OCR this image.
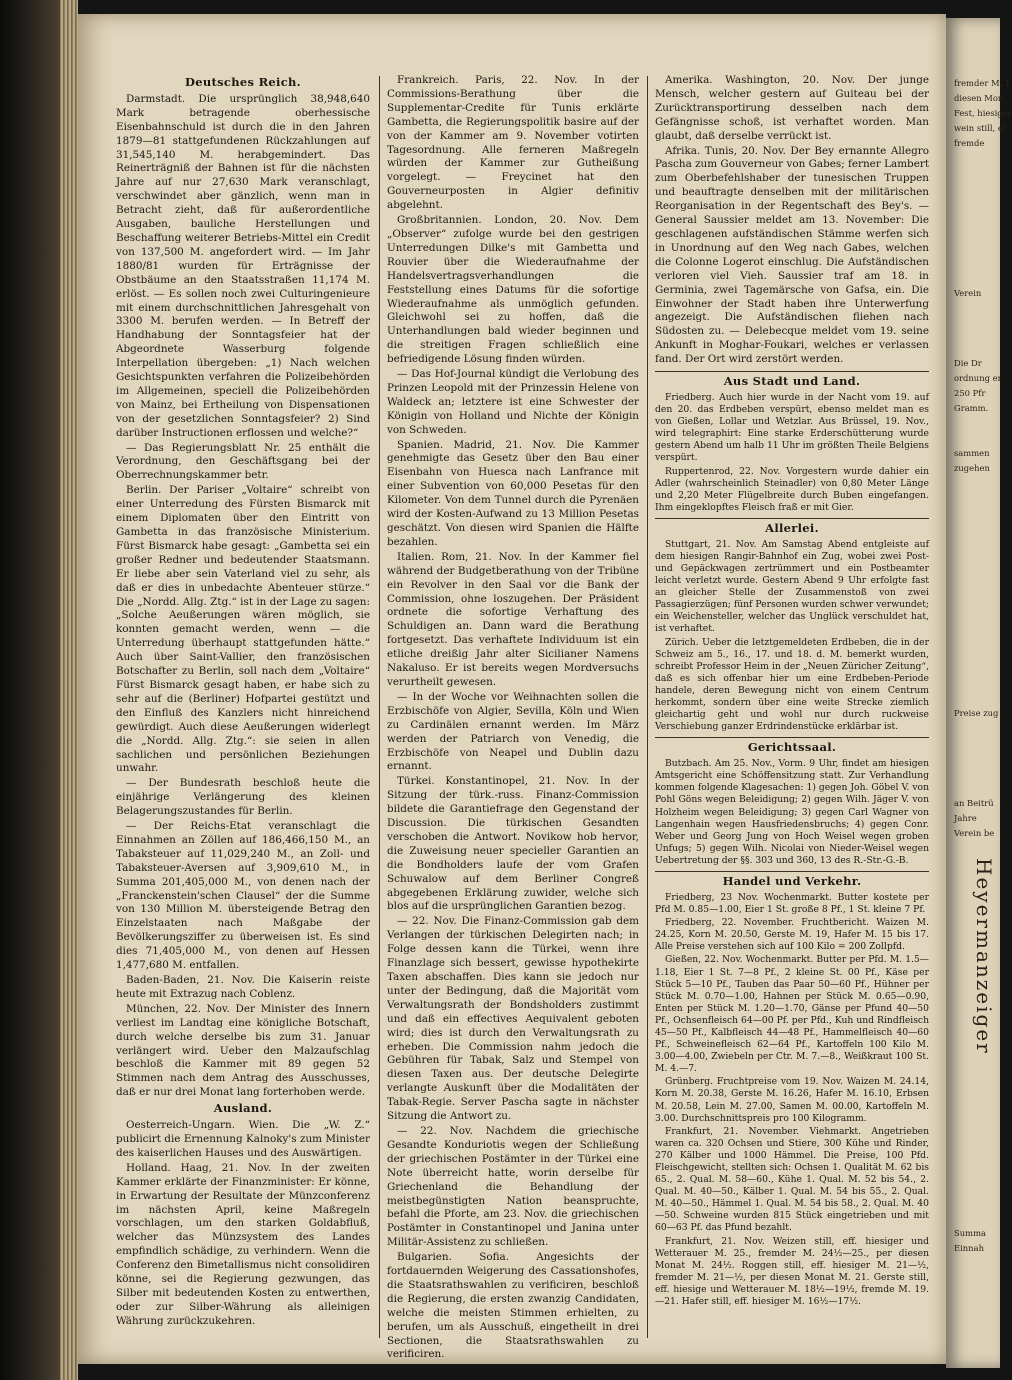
Deutsches Reich.

Darmstadt. Die ursprünglich 38,948,640 Mark betragende oberhessische Eisenbahnschuld ist durch die in den Jahren 1879—81 stattgefundenen Rückzahlungen auf 31,545,140 M. herabgemindert. Das Reinerträgniß der Bahnen ist für die nächsten Jahre auf nur 27,630 Mark veranschlagt, verschwindet aber gänzlich, wenn man in Betracht zieht, daß für außerordentliche Ausgaben, bauliche Herstellungen und Beschaffung weiterer Betriebs-Mittel ein Credit von 137,500 M. angefordert wird. — Im Jahr 1880/81 wurden für Erträgnisse der Obstbäume an den Staatsstraßen 11,174 M. erlöst. — Es sollen noch zwei Culturingenieure mit einem durchschnittlichen Jahresgehalt von 3300 M. berufen werden. — In Betreff der Handhabung der Sonntagsfeier hat der Abgeordnete Wasserburg folgende Interpellation übergeben: „1) Nach welchen Gesichtspunkten verfahren die Polizeibehörden im Allgemeinen, speciell die Polizeibehörden von Mainz, bei Ertheilung von Dispensationen von der gesetzlichen Sonntagsfeier? 2) Sind darüber Instructionen erflossen und welche?“

— Das Regierungsblatt Nr. 25 enthält die Verordnung, den Geschäftsgang bei der Oberrechnungskammer betr.

Berlin. Der Pariser „Voltaire“ schreibt von einer Unterredung des Fürsten Bismarck mit einem Diplomaten über den Eintritt von Gambetta in das französische Ministerium. Fürst Bismarck habe gesagt: „Gambetta sei ein großer Redner und bedeutender Staatsmann. Er liebe aber sein Vaterland viel zu sehr, als daß er dies in unbedachte Abenteuer stürze.“ Die „Nordd. Allg. Ztg.“ ist in der Lage zu sagen: „Solche Aeußerungen wären möglich, sie konnten gemacht werden, wenn — die Unterredung überhaupt stattgefunden hätte.“ Auch über Saint-Vallier, den französischen Botschafter zu Berlin, soll nach dem „Voltaire“ Fürst Bismarck gesagt haben, er habe sich zu sehr auf die (Berliner) Hofpartei gestützt und den Einfluß des Kanzlers nicht hinreichend gewürdigt. Auch diese Aeußerungen widerlegt die „Nordd. Allg. Ztg.“: sie seien in allen sachlichen und persönlichen Beziehungen unwahr.

— Der Bundesrath beschloß heute die einjährige Verlängerung des kleinen Belagerungszustandes für Berlin.

— Der Reichs-Etat veranschlagt die Einnahmen an Zöllen auf 186,466,150 M., an Tabaksteuer auf 11,029,240 M., an Zoll- und Tabaksteuer-Aversen auf 3,909,610 M., in Summa 201,405,000 M., von denen nach der „Franckenstein'schen Clausel“ der die Summe von 130 Million M. übersteigende Betrag den Einzelstaaten nach Maßgabe der Bevölkerungsziffer zu überweisen ist. Es sind dies 71,405,000 M., von denen auf Hessen 1,477,680 M. entfallen.

Baden-Baden, 21. Nov. Die Kaiserin reiste heute mit Extrazug nach Coblenz.

München, 22. Nov. Der Minister des Innern verliest im Landtag eine königliche Botschaft, durch welche derselbe bis zum 31. Januar verlängert wird. Ueber den Malzaufschlag beschloß die Kammer mit 89 gegen 52 Stimmen nach dem Antrag des Ausschusses, daß er nur drei Monat lang forterhoben werde.

Ausland.

Oesterreich-Ungarn. Wien. Die „W. Z.“ publicirt die Ernennung Kalnoky's zum Minister des kaiserlichen Hauses und des Auswärtigen.

Holland. Haag, 21. Nov. In der zweiten Kammer erklärte der Finanzminister: Er könne, in Erwartung der Resultate der Münzconferenz im nächsten April, keine Maßregeln vorschlagen, um den starken Goldabfluß, welcher das Münzsystem des Landes empfindlich schädige, zu verhindern. Wenn die Conferenz den Bimetallismus nicht consolidiren könne, sei die Regierung gezwungen, das Silber mit bedeutenden Kosten zu entwerthen, oder zur Silber-Währung als alleinigen Währung zurückzukehren.

Frankreich. Paris, 22. Nov. In der Commissions-Berathung über die Supplementar-Credite für Tunis erklärte Gambetta, die Regierungspolitik basire auf der von der Kammer am 9. November votirten Tagesordnung. Alle ferneren Maßregeln würden der Kammer zur Gutheißung vorgelegt. — Freycinet hat den Gouverneurposten in Algier definitiv abgelehnt.

Großbritannien. London, 20. Nov. Dem „Observer“ zufolge wurde bei den gestrigen Unterredungen Dilke's mit Gambetta und Rouvier über die Wiederaufnahme der Handelsvertragsverhandlungen die Feststellung eines Datums für die sofortige Wiederaufnahme als unmöglich gefunden. Gleichwohl sei zu hoffen, daß die Unterhandlungen bald wieder beginnen und die streitigen Fragen schließlich eine befriedigende Lösung finden würden.

— Das Hof-Journal kündigt die Verlobung des Prinzen Leopold mit der Prinzessin Helene von Waldeck an; letztere ist eine Schwester der Königin von Holland und Nichte der Königin von Schweden.

Spanien. Madrid, 21. Nov. Die Kammer genehmigte das Gesetz über den Bau einer Eisenbahn von Huesca nach Lanfrance mit einer Subvention von 60,000 Pesetas für den Kilometer. Von dem Tunnel durch die Pyrenäen wird der Kosten-Aufwand zu 13 Million Pesetas geschätzt. Von diesen wird Spanien die Hälfte bezahlen.

Italien. Rom, 21. Nov. In der Kammer fiel während der Budgetberathung von der Tribüne ein Revolver in den Saal vor die Bank der Commission, ohne loszugehen. Der Präsident ordnete die sofortige Verhaftung des Schuldigen an. Dann ward die Berathung fortgesetzt. Das verhaftete Individuum ist ein etliche dreißig Jahr alter Sicilianer Namens Nakaluso. Er ist bereits wegen Mordversuchs verurtheilt gewesen.

— In der Woche vor Weihnachten sollen die Erzbischöfe von Algier, Sevilla, Köln und Wien zu Cardinälen ernannt werden. Im März werden der Patriarch von Venedig, die Erzbischöfe von Neapel und Dublin dazu ernannt.

Türkei. Konstantinopel, 21. Nov. In der Sitzung der türk.-russ. Finanz-Commission bildete die Garantiefrage den Gegenstand der Discussion. Die türkischen Gesandten verschoben die Antwort. Novikow hob hervor, die Zuweisung neuer specieller Garantien an die Bondholders laufe der vom Grafen Schuwalow auf dem Berliner Congreß abgegebenen Erklärung zuwider, welche sich blos auf die ursprünglichen Garantien bezog.

— 22. Nov. Die Finanz-Commission gab dem Verlangen der türkischen Delegirten nach; in Folge dessen kann die Türkei, wenn ihre Finanzlage sich bessert, gewisse hypothekirte Taxen abschaffen. Dies kann sie jedoch nur unter der Bedingung, daß die Majorität vom Verwaltungsrath der Bondsholders zustimmt und daß ein effectives Aequivalent geboten wird; dies ist durch den Verwaltungsrath zu erheben. Die Commission nahm jedoch die Gebühren für Tabak, Salz und Stempel von diesen Taxen aus. Der deutsche Delegirte verlangte Auskunft über die Modalitäten der Tabak-Regie. Server Pascha sagte in nächster Sitzung die Antwort zu.

— 22. Nov. Nachdem die griechische Gesandte Konduriotis wegen der Schließung der griechischen Postämter in der Türkei eine Note überreicht hatte, worin derselbe für Griechenland die Behandlung der meistbegünstigten Nation beanspruchte, befahl die Pforte, am 23. Nov. die griechischen Postämter in Constantinopel und Janina unter Militär-Assistenz zu schließen.

Bulgarien. Sofia. Angesichts der fortdauernden Weigerung des Cassationshofes, die Staatsrathswahlen zu verificiren, beschloß die Regierung, die ersten zwanzig Candidaten, welche die meisten Stimmen erhielten, zu berufen, um als Ausschuß, eingetheilt in drei Sectionen, die Staatsrathswahlen zu verificiren.

Amerika. Washington, 20. Nov. Der junge Mensch, welcher gestern auf Guiteau bei der Zurücktransportirung desselben nach dem Gefängnisse schoß, ist verhaftet worden. Man glaubt, daß derselbe verrückt ist.

Afrika. Tunis, 20. Nov. Der Bey ernannte Allegro Pascha zum Gouverneur von Gabes; ferner Lambert zum Oberbefehlshaber der tunesischen Truppen und beauftragte denselben mit der militärischen Reorganisation in der Regentschaft des Bey's. — General Saussier meldet am 13. November: Die geschlagenen aufständischen Stämme werfen sich in Unordnung auf den Weg nach Gabes, welchen die Colonne Logerot einschlug. Die Aufständischen verloren viel Vieh. Saussier traf am 18. in Germinia, zwei Tagemärsche von Gafsa, ein. Die Einwohner der Stadt haben ihre Unterwerfung angezeigt. Die Aufständischen fliehen nach Südosten zu. — Delebecque meldet vom 19. seine Ankunft in Moghar-Foukari, welches er verlassen fand. Der Ort wird zerstört werden.

Aus Stadt und Land.

Friedberg. Auch hier wurde in der Nacht vom 19. auf den 20. das Erdbeben verspürt, ebenso meldet man es von Gießen, Lollar und Wetzlar. Aus Brüssel, 19. Nov., wird telegraphirt: Eine starke Erderschütterung wurde gestern Abend um halb 11 Uhr im größten Theile Belgiens verspürt.

Ruppertenrod, 22. Nov. Vorgestern wurde dahier ein Adler (wahrscheinlich Steinadler) von 0,80 Meter Länge und 2,20 Meter Flügelbreite durch Buben eingefangen. Ihm eingeklopftes Fleisch fraß er mit Gier.

Allerlei.

Stuttgart, 21. Nov. Am Samstag Abend entgleiste auf dem hiesigen Rangir-Bahnhof ein Zug, wobei zwei Post- und Gepäckwagen zertrümmert und ein Postbeamter leicht verletzt wurde. Gestern Abend 9 Uhr erfolgte fast an gleicher Stelle der Zusammenstoß von zwei Passagierzügen; fünf Personen wurden schwer verwundet; ein Weichensteller, welcher das Unglück verschuldet hat, ist verhaftet.

Zürich. Ueber die letztgemeldeten Erdbeben, die in der Schweiz am 5., 16., 17. und 18. d. M. bemerkt wurden, schreibt Professor Heim in der „Neuen Züricher Zeitung“, daß es sich offenbar hier um eine Erdbeben-Periode handele, deren Bewegung nicht von einem Centrum herkommt, sondern über eine weite Strecke ziemlich gleichartig geht und wohl nur durch ruckweise Verschiebung ganzer Erdrindenstücke erklärbar ist.

Gerichtssaal.

Butzbach. Am 25. Nov., Vorm. 9 Uhr, findet am hiesigen Amtsgericht eine Schöffensitzung statt. Zur Verhandlung kommen folgende Klagesachen: 1) gegen Joh. Göbel V. von Pohl Göns wegen Beleidigung; 2) gegen Wilh. Jäger V. von Holzheim wegen Beleidigung; 3) gegen Carl Wagner von Langenhain wegen Hausfriedensbruchs; 4) gegen Conr. Weber und Georg Jung von Hoch Weisel wegen groben Unfugs; 5) gegen Wilh. Nicolai von Nieder-Weisel wegen Uebertretung der §§. 303 und 360, 13 des R.-Str.-G.-B.

Handel und Verkehr.

Friedberg, 23 Nov. Wochenmarkt. Butter kostete per Pfd M. 0.85—1.00, Eier 1 St. große 8 Pf., 1 St. kleine 7 Pf.

Friedberg, 22. November. Fruchtbericht. Waizen M. 24.25, Korn M. 20.50, Gerste M. 19, Hafer M. 15 bis 17. Alle Preise verstehen sich auf 100 Kilo = 200 Zollpfd.

Gießen, 22. Nov. Wochenmarkt. Butter per Pfd. M. 1.5—1.18, Eier 1 St. 7—8 Pf., 2 kleine St. 00 Pf., Käse per Stück 5—10 Pf., Tauben das Paar 50—60 Pf., Hühner per Stück M. 0.70—1.00, Hahnen per Stück M. 0.65—0.90, Enten per Stück M. 1.20—1.70, Gänse per Pfund 40—50 Pf., Ochsenfleisch 64—00 Pf. per Pfd., Kuh und Rindfleisch 45—50 Pf., Kalbfleisch 44—48 Pf., Hammelfleisch 40—60 Pf., Schweinefleisch 62—64 Pf., Kartoffeln 100 Kilo M. 3.00—4.00, Zwiebeln per Ctr. M. 7.—8., Weißkraut 100 St. M. 4.—7.

Grünberg. Fruchtpreise vom 19. Nov. Waizen M. 24.14, Korn M. 20.38, Gerste M. 16.26, Hafer M. 16.10, Erbsen M. 20.58, Lein M. 27.00, Samen M. 00.00, Kartoffeln M. 3.00. Durchschnittspreis pro 100 Kilogramm.

Frankfurt, 21. November. Viehmarkt. Angetrieben waren ca. 320 Ochsen und Stiere, 300 Kühe und Rinder, 270 Kälber und 1000 Hämmel. Die Preise, 100 Pfd. Fleischgewicht, stellten sich: Ochsen 1. Qualität M. 62 bis 65., 2. Qual. M. 58—60., Kühe 1. Qual. M. 52 bis 54., 2. Qual. M. 40—50., Kälber 1. Qual. M. 54 bis 55., 2. Qual. M. 40—50., Hämmel 1. Qual. M. 54 bis 58., 2. Qual. M. 40—50. Schweine wurden 815 Stück eingetrieben und mit 60—63 Pf. das Pfund bezahlt.

Frankfurt, 21. Nov. Weizen still, eff. hiesiger und Wetterauer M. 25., fremder M. 24½—25., per diesen Monat M. 24½. Roggen still, eff. hiesiger M. 21—½, fremder M. 21—½, per diesen Monat M. 21. Gerste still, eff. hiesige und Wetterauer M. 18½—19½, fremde M. 19.—21. Hafer still, eff. hiesiger M. 16½—17½.

fremder M. 1
diesen Mon
Fest, hiesiger
wein still, ef
fremde
Verein
Die Dr
ordnung er
250 Pfr
Gramm.
sammen
zugehen
Preise zug
an Beitrü
Jahre
Verein be
Summa
Einnah
Heyermanzeiger
